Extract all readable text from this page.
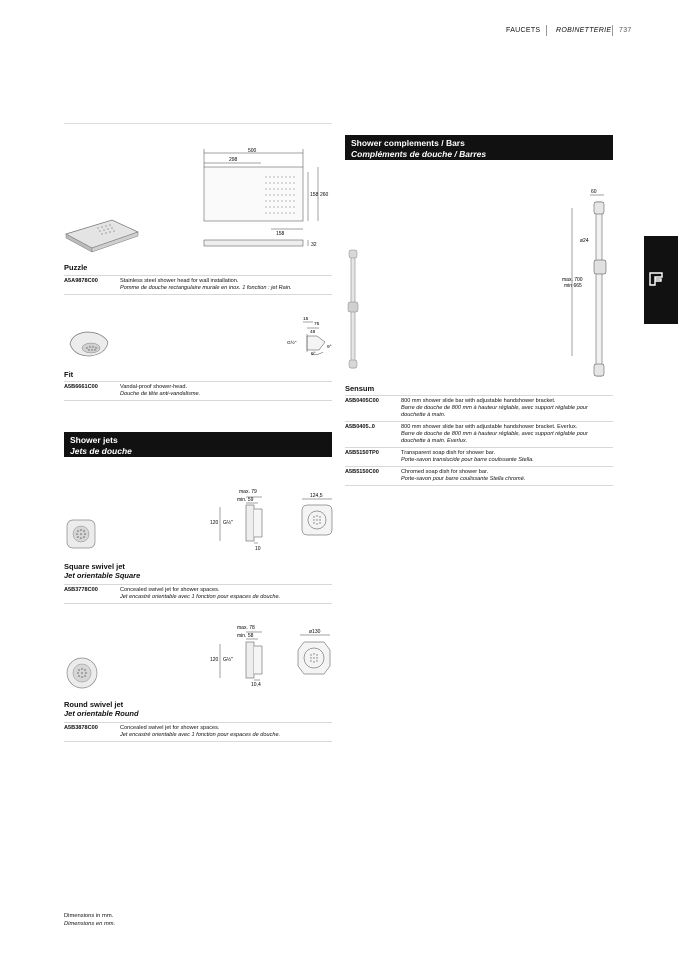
FAUCETS ROBINETTERIE 737
500
298
158 260
158
32
Puzzle
A5A9878C00	Stainless steel shower head for wall installation.
Pomme de douche rectangulaire murale en inox. 1 fonction : jet Rain.
15
75
48
G½"
9°
9°
Fit
A5B6661C00	Vandal-proof shower-head.
Douche de tête anti-vandalisme.
Shower jets
Jets de douche
max. 79
min. 59
120 G½"
10
124,5
Square swivel jet
Jet orientable Square
A5B3778C00	Concealed swivel jet for shower spaces.
Jet encastré orientable avec 1 fonction pour espaces de douche.
max. 78
min. 58
120 G½"
10,4
ø130
Round swivel jet
Jet orientable Round
A5B3878C00	Concealed swivel jet for shower spaces.
Jet encastré orientable avec 1 fonction pour espaces de douche.
Shower complements / Bars
Compléments de douche / Barres
60
ø24
max. 700
min 665
Sensum
A5B0405C00	800 mm shower slide bar with adjustable handshower bracket.
Barre de douche de 800 mm à hauteur réglable, avec support réglable pour douchette à main.

A5B0405..0	800 mm shower slide bar with adjustable handshower bracket. Everlux.
Barre de douche de 800 mm à hauteur réglable, avec support réglable pour douchette à main. Everlux.

A5B5150TP0	Transparent soap dish for shower bar.
Porte-savon translucide pour barre coulissante Stella.

A5B5150C00	Chromed soap dish for shower bar.
Porte-savon pour barre coulissante Stella chromé.
Dimensions in mm.
Dimensions en mm.
